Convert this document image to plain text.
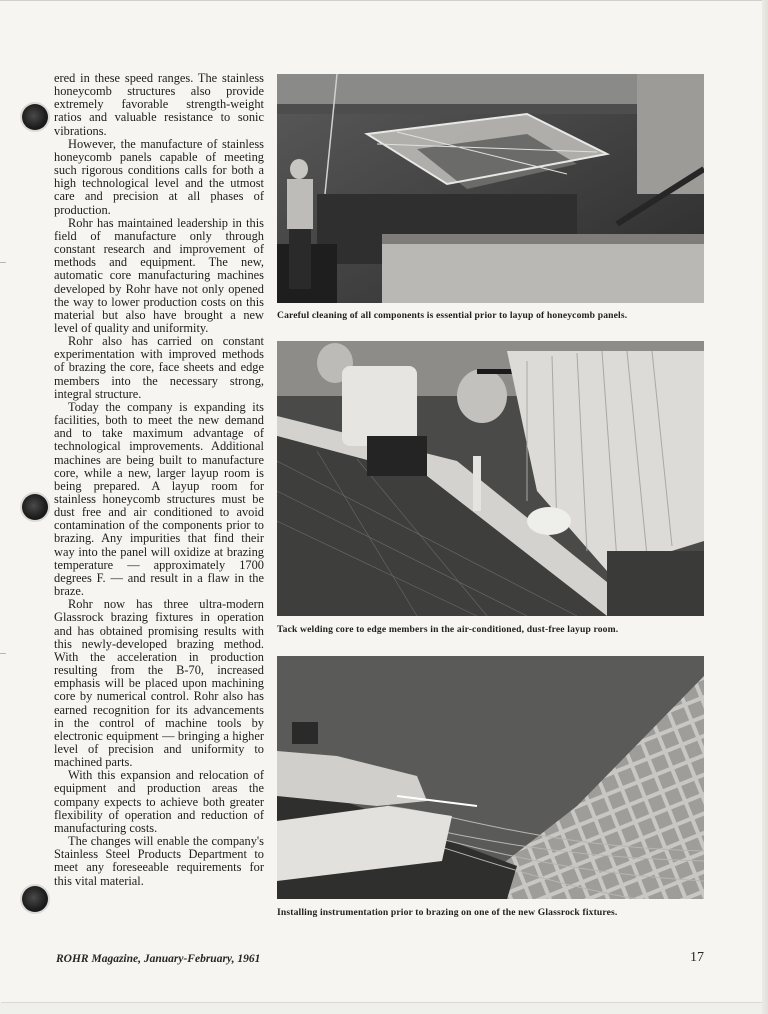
ered in these speed ranges. The stainless honeycomb structures also provide extremely favorable strength-weight ratios and valuable resistance to sonic vibrations.

However, the manufacture of stainless honeycomb panels capable of meeting such rigorous conditions calls for both a high technological level and the utmost care and precision at all phases of production.

Rohr has maintained leadership in this field of manufacture only through constant research and improvement of methods and equipment. The new, automatic core manufacturing machines developed by Rohr have not only opened the way to lower production costs on this material but also have brought a new level of quality and uniformity.

Rohr also has carried on constant experimentation with improved methods of brazing the core, face sheets and edge members into the necessary strong, integral structure.

Today the company is expanding its facilities, both to meet the new demand and to take maximum advantage of technological improvements. Additional machines are being built to manufacture core, while a new, larger layup room is being prepared. A layup room for stainless honeycomb structures must be dust free and air conditioned to avoid contamination of the components prior to brazing. Any impurities that find their way into the panel will oxidize at brazing temperature — approximately 1700 degrees F. — and result in a flaw in the braze.

Rohr now has three ultra-modern Glassrock brazing fixtures in operation and has obtained promising results with this newly-developed brazing method. With the acceleration in production resulting from the B-70, increased emphasis will be placed upon machining core by numerical control. Rohr also has earned recognition for its advancements in the control of machine tools by electronic equipment — bringing a higher level of precision and uniformity to machined parts.

With this expansion and relocation of equipment and production areas the company expects to achieve both greater flexibility of operation and reduction of manufacturing costs.

The changes will enable the company's Stainless Steel Products Department to meet any foreseeable requirements for this vital material.

Careful cleaning of all components is essential prior to layup of honeycomb panels.
Tack welding core to edge members in the air-conditioned, dust-free layup room.
Installing instrumentation prior to brazing on one of the new Glassrock fixtures.
ROHR Magazine, January-February, 1961	17
